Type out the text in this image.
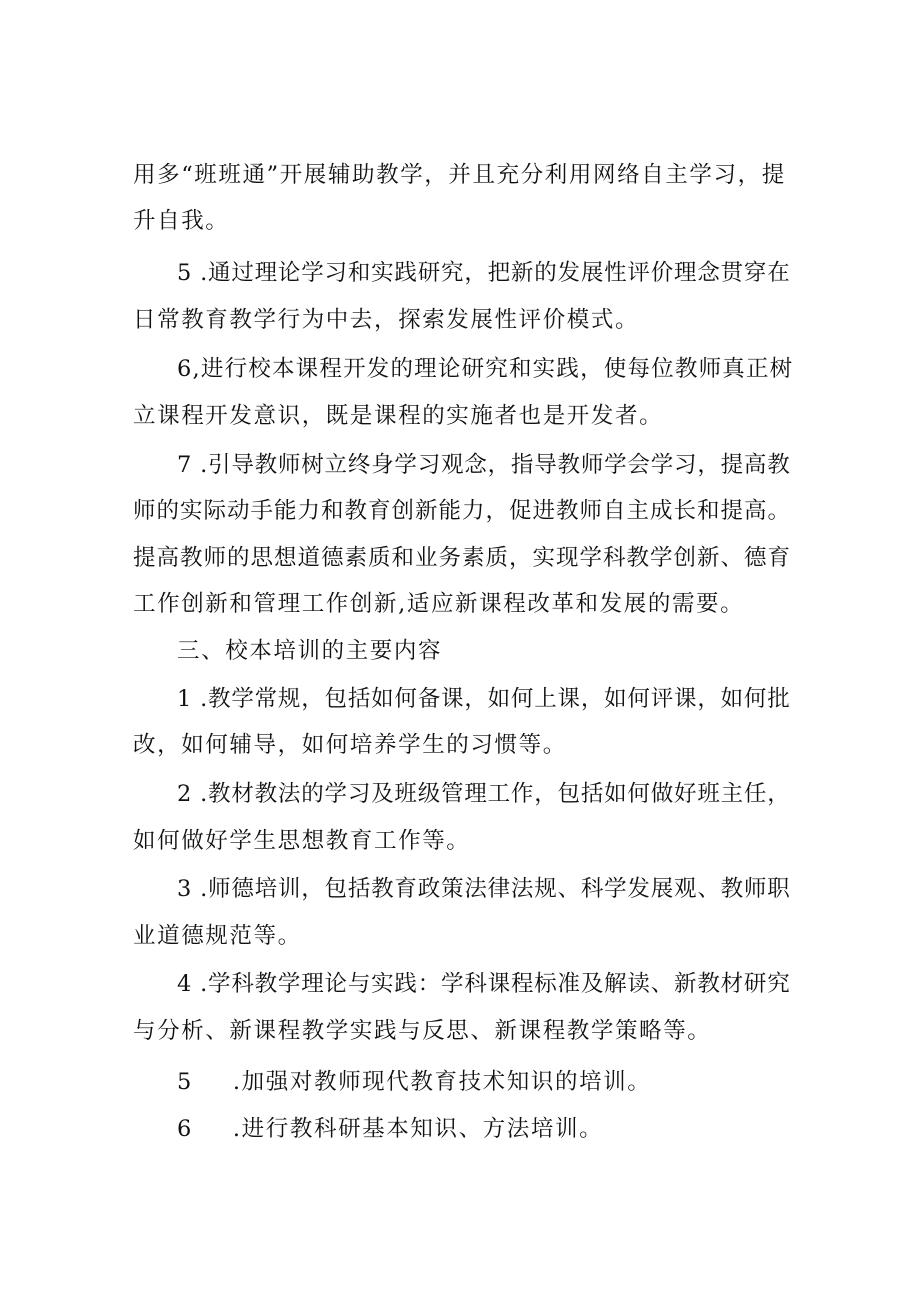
用多“班班通”开展辅助教学，并且充分利用网络自主学习，提
升自我。
5 .通过理论学习和实践研究，把新的发展性评价理念贯穿在
日常教育教学行为中去，探索发展性评价模式。
6,进行校本课程开发的理论研究和实践，使每位教师真正树
立课程开发意识，既是课程的实施者也是开发者。
7 .引导教师树立终身学习观念，指导教师学会学习，提高教
师的实际动手能力和教育创新能力，促进教师自主成长和提高。
提高教师的思想道德素质和业务素质，实现学科教学创新、德育
工作创新和管理工作创新,适应新课程改革和发展的需要。
三、校本培训的主要内容
1 .教学常规，包括如何备课，如何上课，如何评课，如何批
改，如何辅导，如何培养学生的习惯等。
2 .教材教法的学习及班级管理工作，包括如何做好班主任，
如何做好学生思想教育工作等。
3 .师德培训，包括教育政策法律法规、科学发展观、教师职
业道德规范等。
4 .学科教学理论与实践：学科课程标准及解读、新教材研究
与分析、新课程教学实践与反思、新课程教学策略等。
5 .加强对教师现代教育技术知识的培训。
6 .进行教科研基本知识、方法培训。
